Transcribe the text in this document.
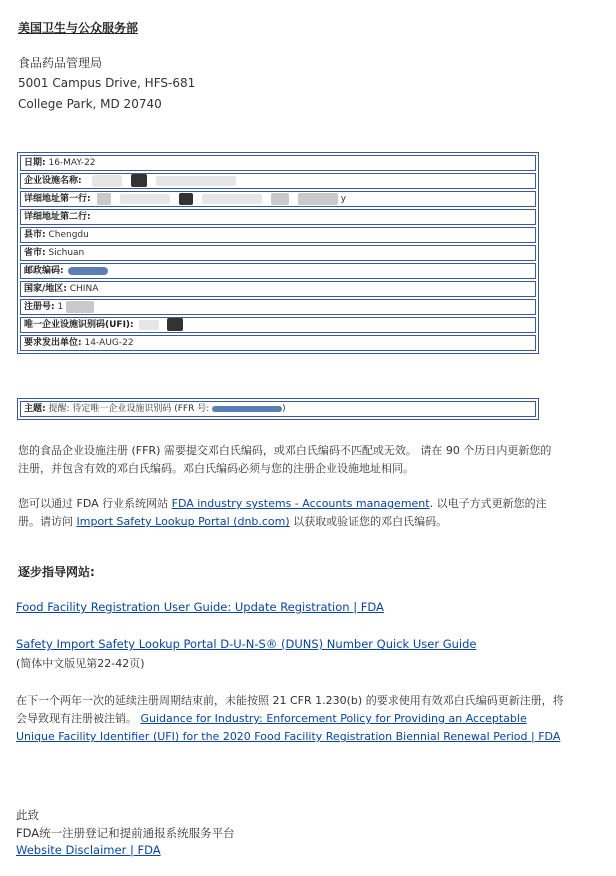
美国卫生与公众服务部
食品药品管理局
5001 Campus Drive, HFS-681
College Park, MD 20740
日期: 16-MAY-22
企业设施名称:
详细地址第一行:	y
详细地址第二行:
县市: Chengdu
省市: Sichuan
邮政编码:
国家/地区: CHINA
注册号: 1
唯一企业设施识别码(UFI):
要求发出单位: 14-AUG-22
主题: 提醒: 待定唯一企业设施识别码 (FFR 号:	)
您的食品企业设施注册 (FFR) 需要提交邓白氏编码，或邓白氏编码不匹配或无效。 请在 90 个历日内更新您的注册，并包含有效的邓白氏编码。邓白氏编码必须与您的注册企业设施地址相同。
您可以通过 FDA 行业系统网站 FDA industry systems - Accounts management. 以电子方式更新您的注册。请访问 Import Safety Lookup Portal (dnb.com) 以获取或验证您的邓白氏编码。
逐步指导网站:
Food Facility Registration User Guide: Update Registration | FDA
Safety Import Safety Lookup Portal D-U-N-S® (DUNS) Number Quick User Guide
(简体中文版见第22-42页)
在下一个两年一次的延续注册周期结束前，未能按照 21 CFR 1.230(b) 的要求使用有效邓白氏编码更新注册，将会导致现有注册被注销。 Guidance for Industry: Enforcement Policy for Providing an Acceptable Unique Facility Identifier (UFI) for the 2020 Food Facility Registration Biennial Renewal Period | FDA
此致
FDA统一注册登记和提前通报系统服务平台
Website Disclaimer | FDA
